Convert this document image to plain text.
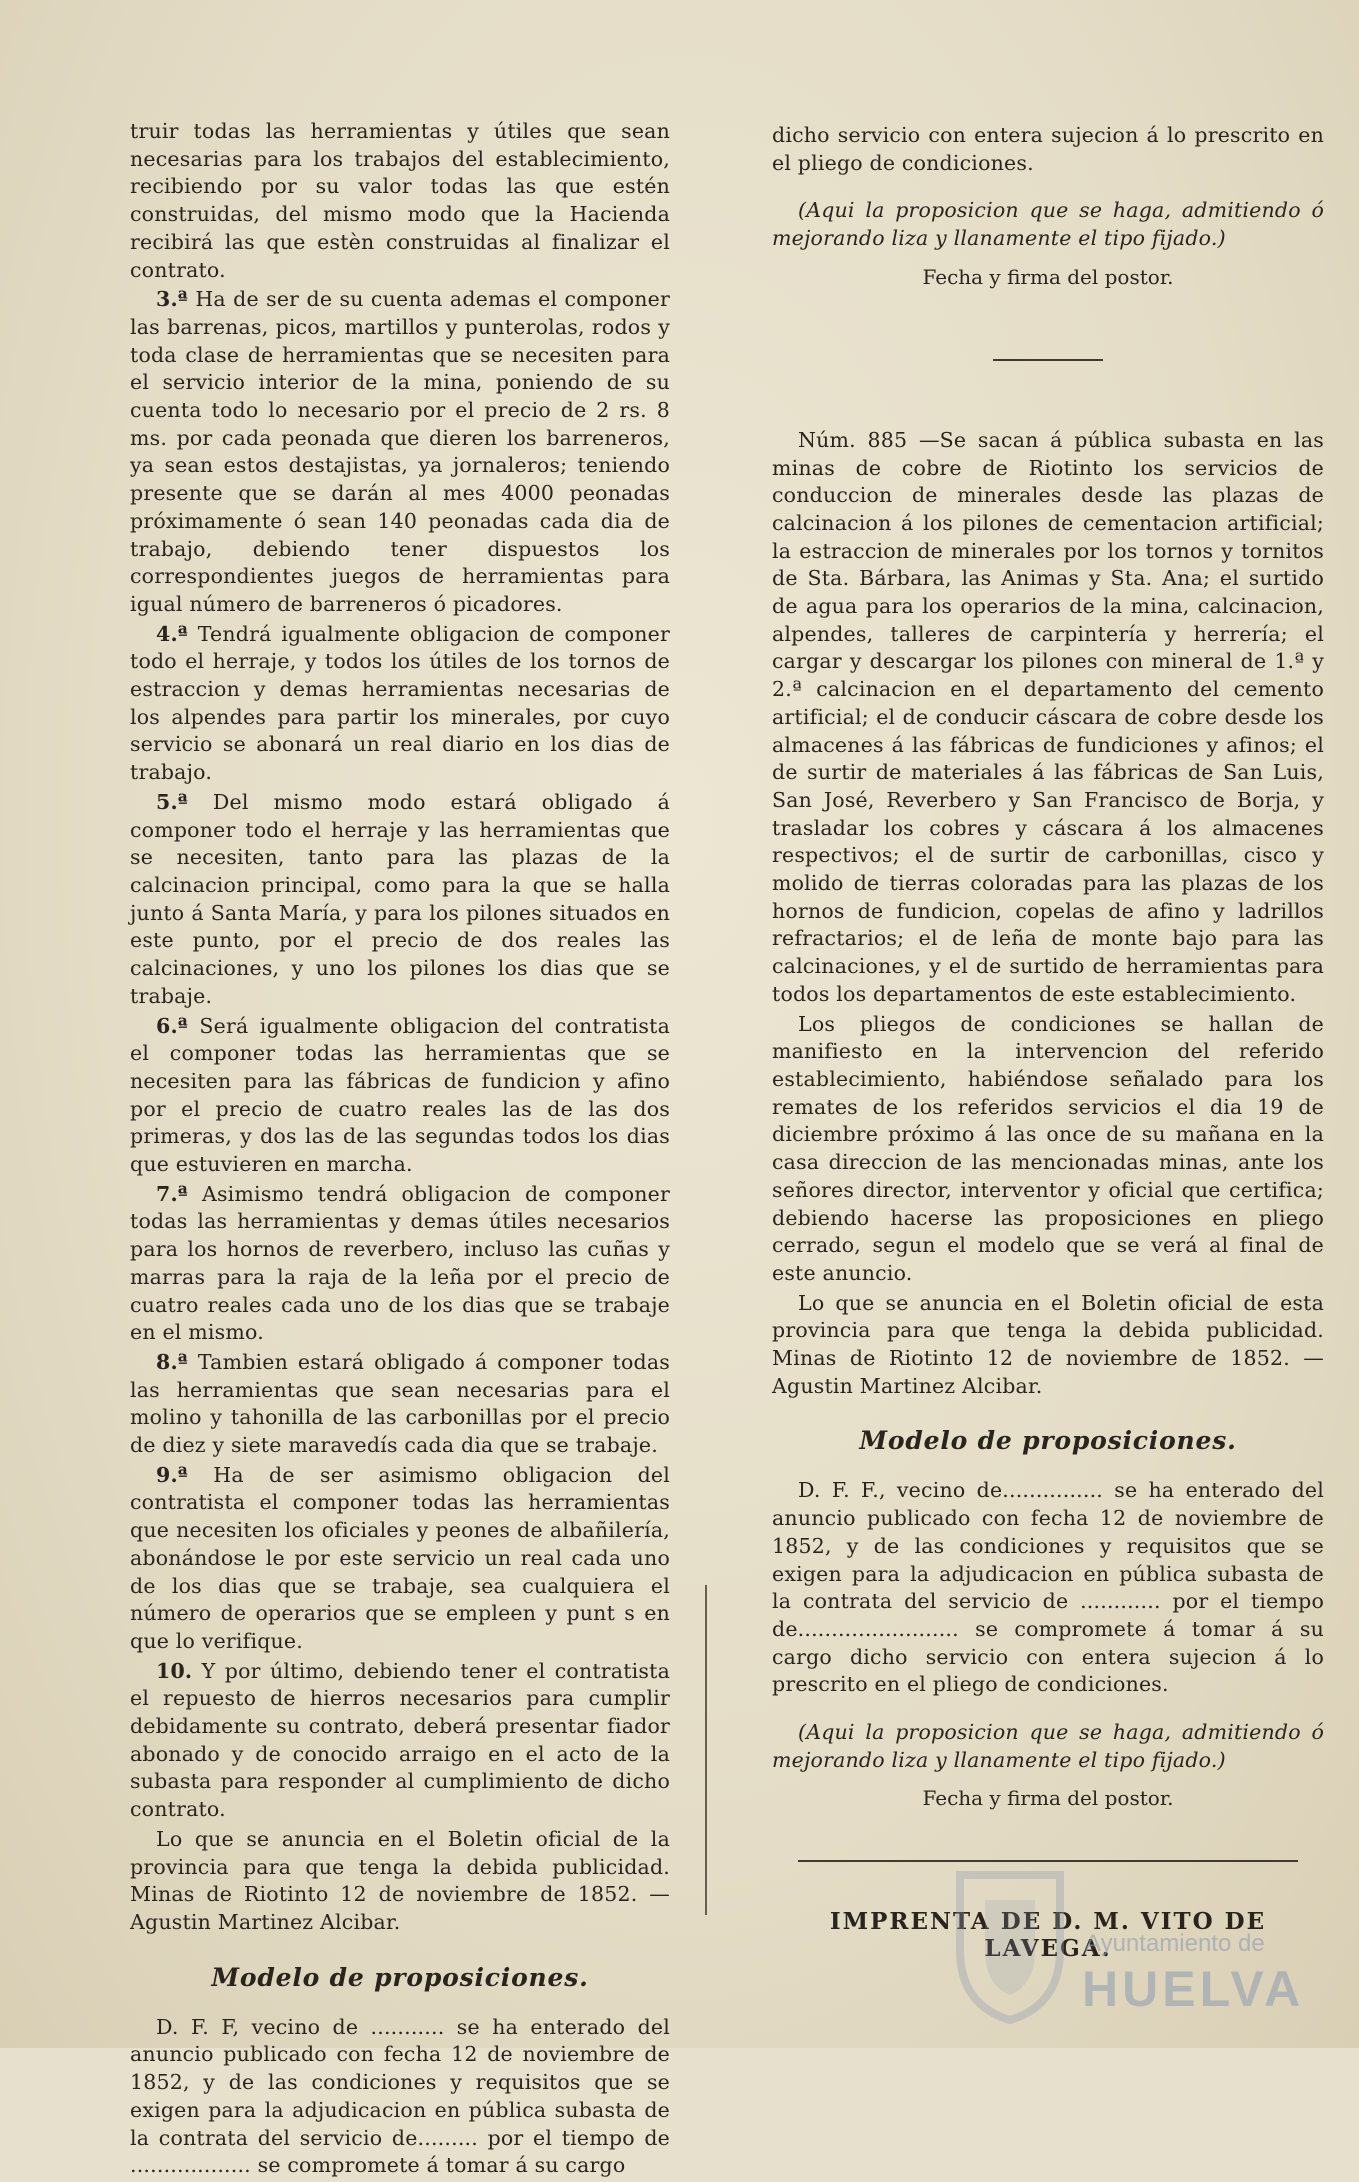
truir todas las herramientas y útiles que sean necesarias para los trabajos del establecimiento, recibiendo por su valor todas las que estén construidas, del mismo modo que la Hacienda recibirá las que estèn construidas al finalizar el contrato.

3.ª Ha de ser de su cuenta ademas el componer las barrenas, picos, martillos y punterolas, rodos y toda clase de herramientas que se necesiten para el servicio interior de la mina, poniendo de su cuenta todo lo necesario por el precio de 2 rs. 8 ms. por cada peonada que dieren los barreneros, ya sean estos destajistas, ya jornaleros; teniendo presente que se darán al mes 4000 peonadas próximamente ó sean 140 peonadas cada dia de trabajo, debiendo tener dispuestos los correspondientes juegos de herramientas para igual número de barreneros ó picadores.

4.ª Tendrá igualmente obligacion de componer todo el herraje, y todos los útiles de los tornos de estraccion y demas herramientas necesarias de los alpendes para partir los minerales, por cuyo servicio se abonará un real diario en los dias de trabajo.

5.ª Del mismo modo estará obligado á componer todo el herraje y las herramientas que se necesiten, tanto para las plazas de la calcinacion principal, como para la que se halla junto á Santa María, y para los pilones situados en este punto, por el precio de dos reales las calcinaciones, y uno los pilones los dias que se trabaje.

6.ª Será igualmente obligacion del contratista el componer todas las herramientas que se necesiten para las fábricas de fundicion y afino por el precio de cuatro reales las de las dos primeras, y dos las de las segundas todos los dias que estuvieren en marcha.

7.ª Asimismo tendrá obligacion de componer todas las herramientas y demas útiles necesarios para los hornos de reverbero, incluso las cuñas y marras para la raja de la leña por el precio de cuatro reales cada uno de los dias que se trabaje en el mismo.

8.ª Tambien estará obligado á componer todas las herramientas que sean necesarias para el molino y tahonilla de las carbonillas por el precio de diez y siete maravedís cada dia que se trabaje.

9.ª Ha de ser asimismo obligacion del contratista el componer todas las herramientas que necesiten los oficiales y peones de albañilería, abonándose le por este servicio un real cada uno de los dias que se trabaje, sea cualquiera el número de operarios que se empleen y punt s en que lo verifique.

10. Y por último, debiendo tener el contratista el repuesto de hierros necesarios para cumplir debidamente su contrato, deberá presentar fiador abonado y de conocido arraigo en el acto de la subasta para responder al cumplimiento de dicho contrato.

Lo que se anuncia en el Boletin oficial de la provincia para que tenga la debida publicidad. Minas de Riotinto 12 de noviembre de 1852. —Agustin Martinez Alcibar.

Modelo de proposiciones.

D. F. F, vecino de ........... se ha enterado del anuncio publicado con fecha 12 de noviembre de 1852, y de las condiciones y requisitos que se exigen para la adjudicacion en pública subasta de la contrata del servicio de......... por el tiempo de .................. se compromete á tomar á su cargo

dicho servicio con entera sujecion á lo prescrito en el pliego de condiciones.

(Aqui la proposicion que se haga, admitiendo ó mejorando liza y llanamente el tipo fijado.)

Fecha y firma del postor.

Núm. 885 —Se sacan á pública subasta en las minas de cobre de Riotinto los servicios de conduccion de minerales desde las plazas de calcinacion á los pilones de cementacion artificial; la estraccion de minerales por los tornos y tornitos de Sta. Bárbara, las Animas y Sta. Ana; el surtido de agua para los operarios de la mina, calcinacion, alpendes, talleres de carpintería y herrería; el cargar y descargar los pilones con mineral de 1.ª y 2.ª calcinacion en el departamento del cemento artificial; el de conducir cáscara de cobre desde los almacenes á las fábricas de fundiciones y afinos; el de surtir de materiales á las fábricas de San Luis, San José, Reverbero y San Francisco de Borja, y trasladar los cobres y cáscara á los almacenes respectivos; el de surtir de carbonillas, cisco y molido de tierras coloradas para las plazas de los hornos de fundicion, copelas de afino y ladrillos refractarios; el de leña de monte bajo para las calcinaciones, y el de surtido de herramientas para todos los departamentos de este establecimiento.

Los pliegos de condiciones se hallan de manifiesto en la intervencion del referido establecimiento, habiéndose señalado para los remates de los referidos servicios el dia 19 de diciembre próximo á las once de su mañana en la casa direccion de las mencionadas minas, ante los señores director, interventor y oficial que certifica; debiendo hacerse las proposiciones en pliego cerrado, segun el modelo que se verá al final de este anuncio.

Lo que se anuncia en el Boletin oficial de esta provincia para que tenga la debida publicidad. Minas de Riotinto 12 de noviembre de 1852. —Agustin Martinez Alcibar.

Modelo de proposiciones.

D. F. F., vecino de............... se ha enterado del anuncio publicado con fecha 12 de noviembre de 1852, y de las condiciones y requisitos que se exigen para la adjudicacion en pública subasta de la contrata del servicio de ............ por el tiempo de........................ se compromete á tomar á su cargo dicho servicio con entera sujecion á lo prescrito en el pliego de condiciones.

(Aqui la proposicion que se haga, admitiendo ó mejorando liza y llanamente el tipo fijado.)

Fecha y firma del postor.

IMPRENTA DE D. M. VITO DE LAVEGA.
Ayuntamiento de
HUELVA
